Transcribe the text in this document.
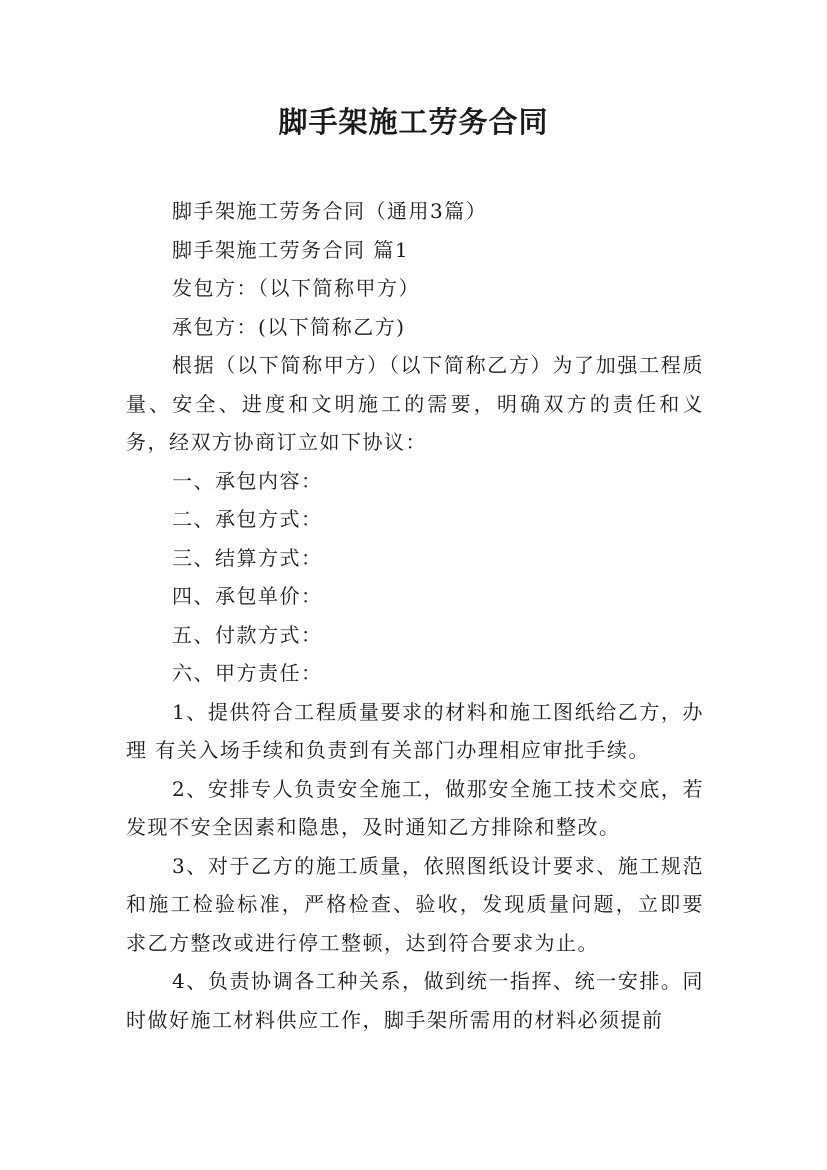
脚手架施工劳务合同

脚手架施工劳务合同（通用3篇）

脚手架施工劳务合同 篇1

发包方：（以下简称甲方）

承包方：(以下简称乙方)

根据（以下简称甲方）（以下简称乙方）为了加强工程质量、安全、进度和文明施工的需要，明确双方的责任和义务，经双方协商订立如下协议：

一、承包内容：

二、承包方式：

三、结算方式：

四、承包单价：

五、付款方式：

六、甲方责任：

1、提供符合工程质量要求的材料和施工图纸给乙方，办理 有关入场手续和负责到有关部门办理相应审批手续。

2、安排专人负责安全施工，做那安全施工技术交底，若发现不安全因素和隐患，及时通知乙方排除和整改。

3、对于乙方的施工质量，依照图纸设计要求、施工规范和施工检验标准，严格检查、验收，发现质量问题，立即要求乙方整改或进行停工整顿，达到符合要求为止。

4、负责协调各工种关系，做到统一指挥、统一安排。同时做好施工材料供应工作，脚手架所需用的材料必须提前
